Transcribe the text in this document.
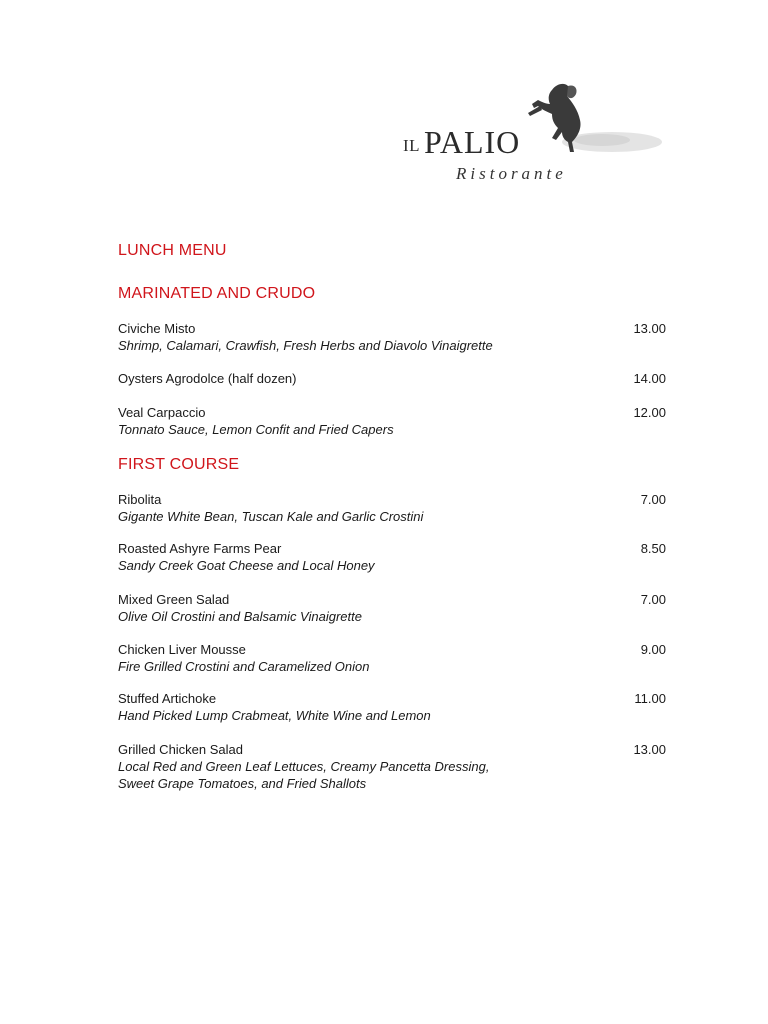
IL PALIO
Ristorante
LUNCH MENU
MARINATED AND CRUDO
Civiche Misto
Shrimp, Calamari, Crawfish, Fresh Herbs and Diavolo Vinaigrette
13.00
Oysters Agrodolce (half dozen)	14.00
Veal Carpaccio
Tonnato Sauce, Lemon Confit and Fried Capers
12.00
FIRST COURSE
Ribolita
Gigante White Bean, Tuscan Kale and Garlic Crostini
7.00
Roasted Ashyre Farms Pear
Sandy Creek Goat Cheese and Local Honey
8.50
Mixed Green Salad
Olive Oil Crostini and Balsamic Vinaigrette
7.00
Chicken Liver Mousse
Fire Grilled Crostini and Caramelized Onion
9.00
Stuffed Artichoke
Hand Picked Lump Crabmeat, White Wine and Lemon
11.00
Grilled Chicken Salad
Local Red and Green Leaf Lettuces, Creamy Pancetta Dressing,
Sweet Grape Tomatoes, and Fried Shallots
13.00
